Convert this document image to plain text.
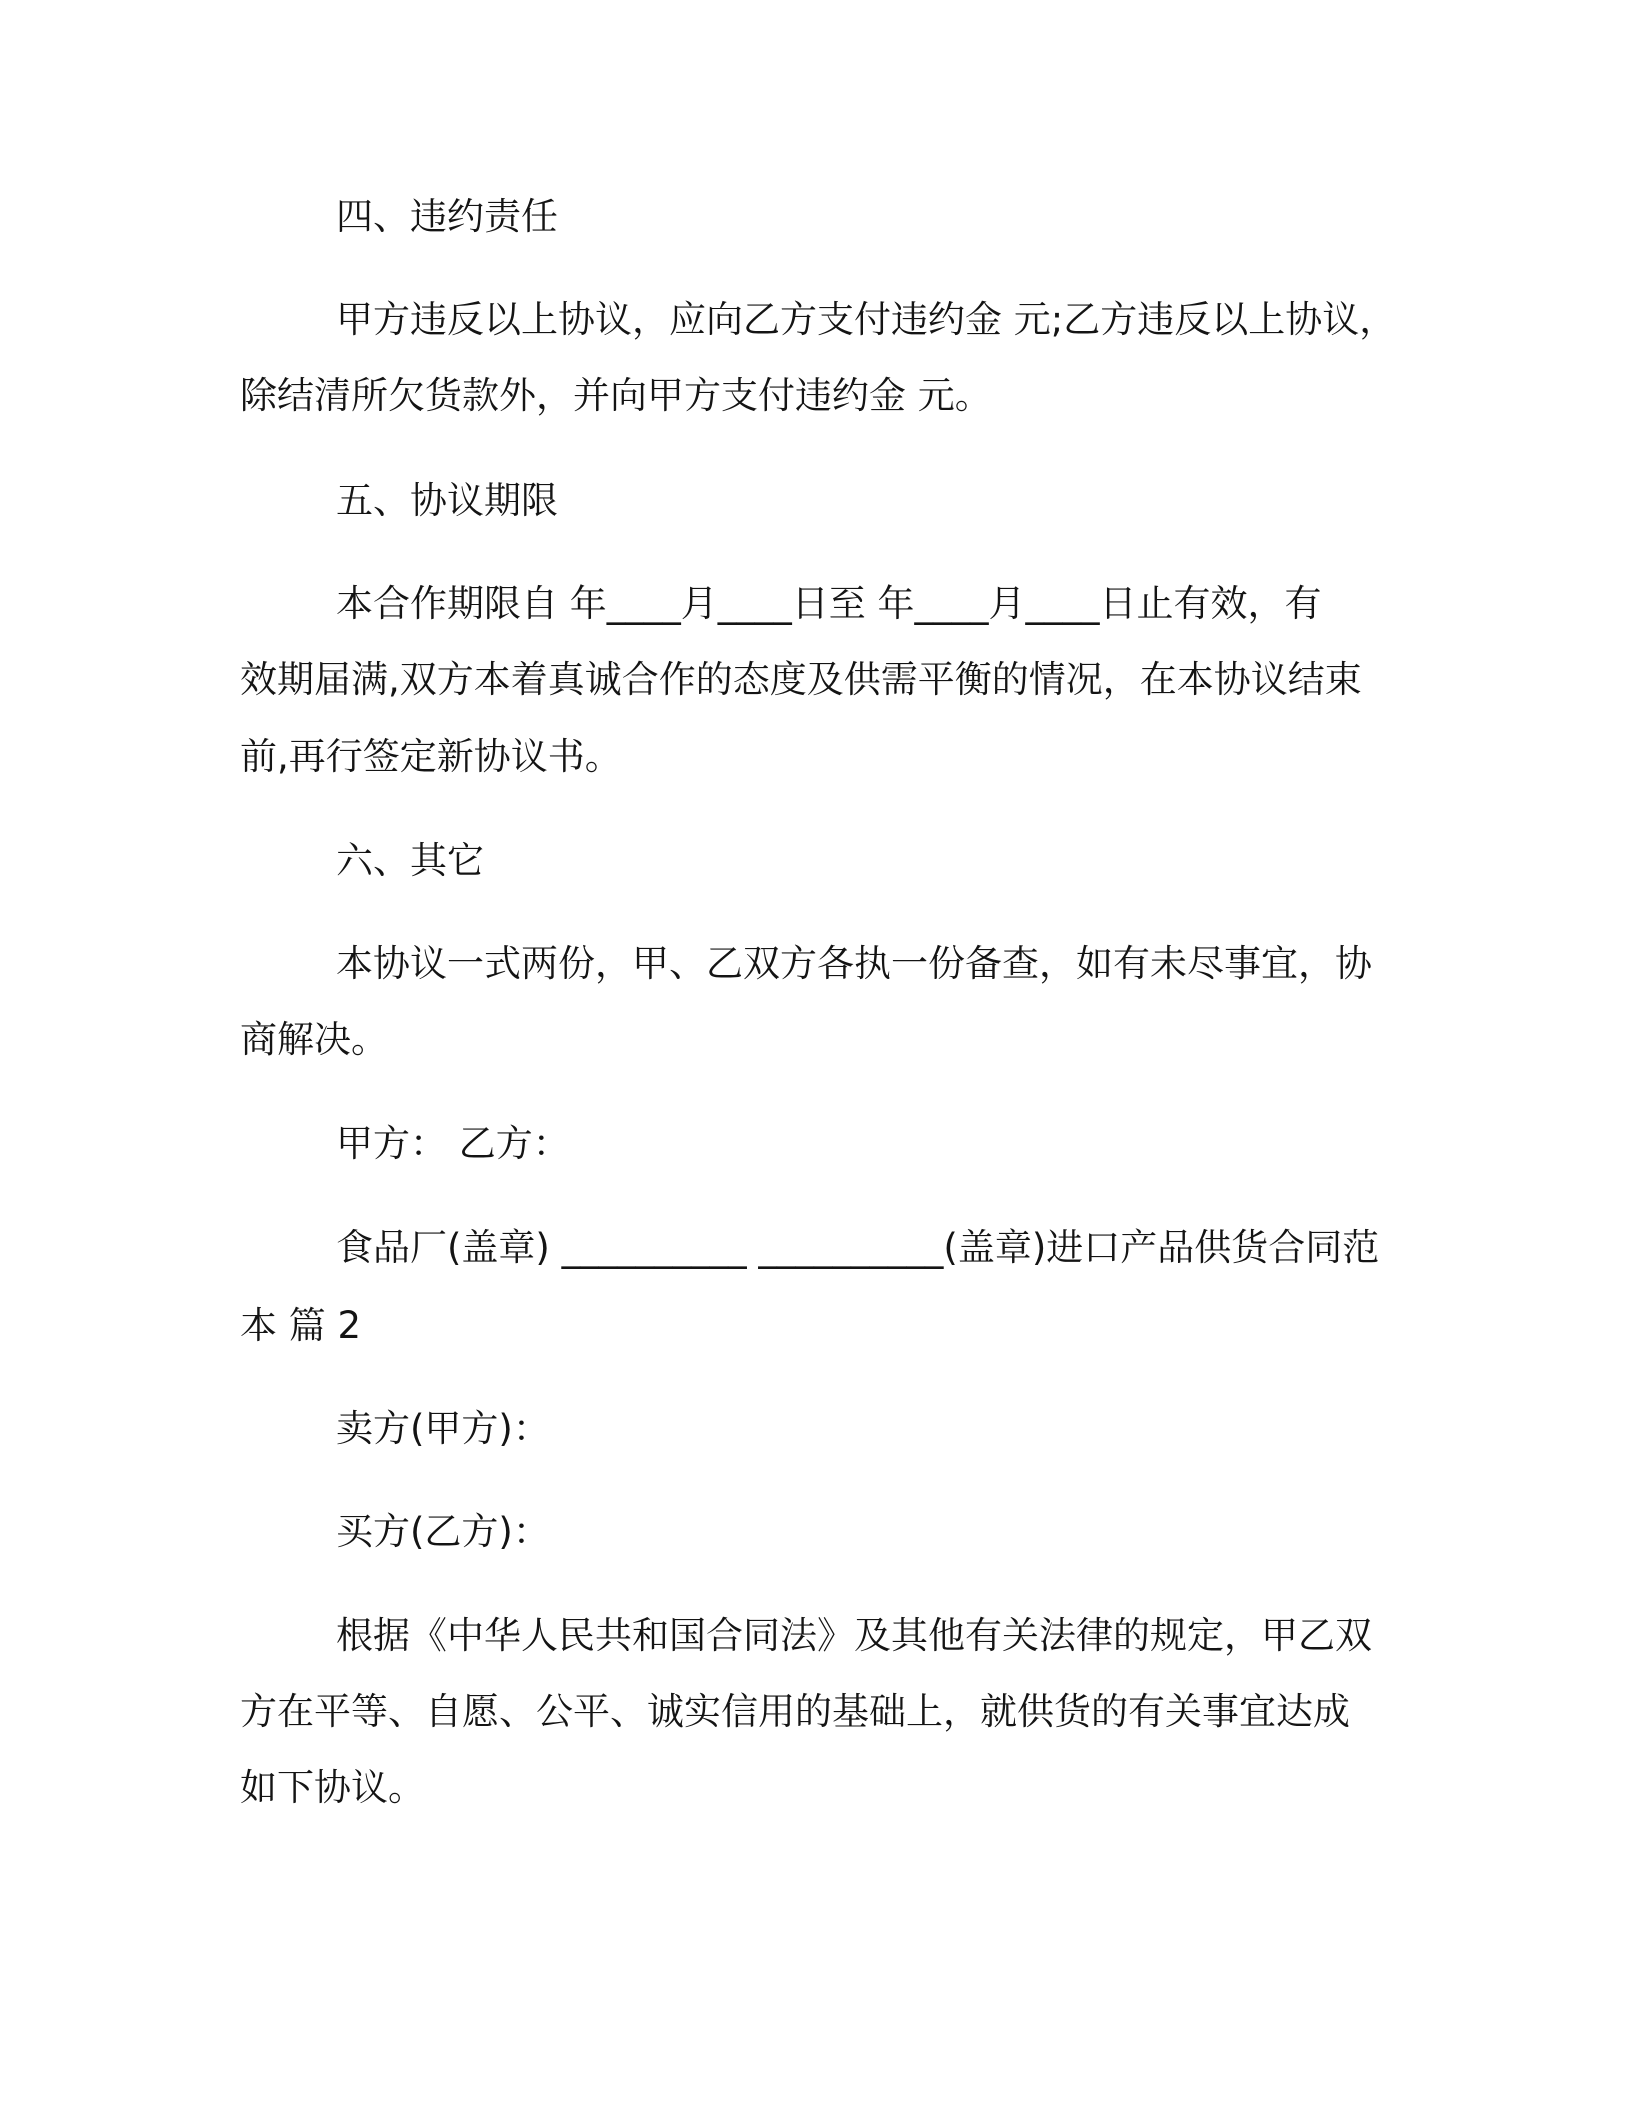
四、违约责任
甲方违反以上协议，应向乙方支付违约金 元;乙方违反以上协议，
除结清所欠货款外，并向甲方支付违约金 元。
五、协议期限
本合作期限自 年____月____日至 年____月____日止有效，有
效期届满,双方本着真诚合作的态度及供需平衡的情况，在本协议结束
前,再行签定新协议书。
六、其它
本协议一式两份，甲、乙双方各执一份备查，如有未尽事宜，协
商解决。
甲方： 乙方：
食品厂(盖章) __________ __________(盖章)进口产品供货合同范
本 篇 2
卖方(甲方)：
买方(乙方)：
根据《中华人民共和国合同法》及其他有关法律的规定，甲乙双
方在平等、自愿、公平、诚实信用的基础上，就供货的有关事宜达成
如下协议。
